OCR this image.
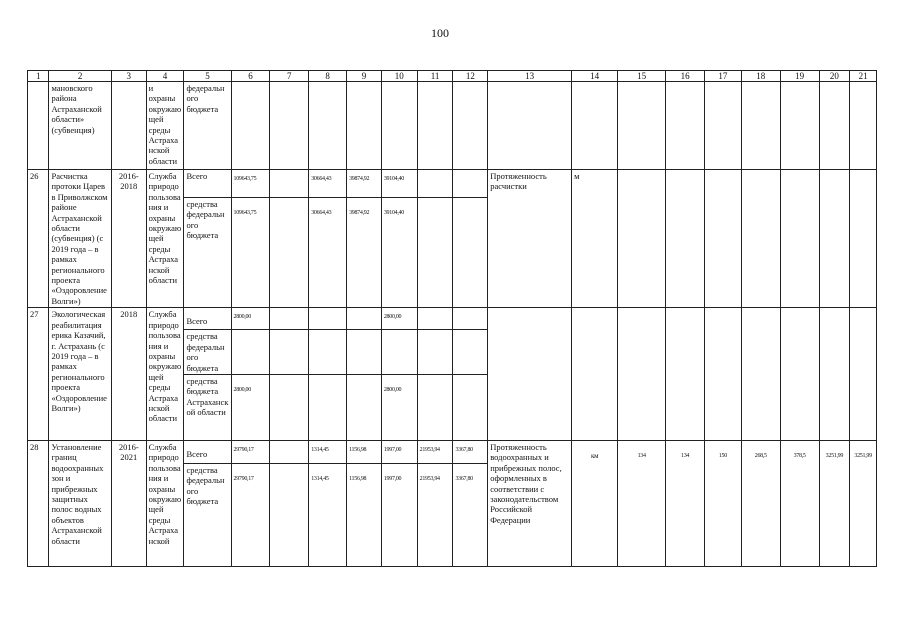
100
1	2	3	4	5	6	7	8	9	10	11	12	13	14	15	16	17	18	19	20	21
	мановского района Астраханской области» (субвенция)		и охраны окружающей среды Астраханской области	федерального бюджета																
26	Расчистка протоки Царев в Приволжском районе Астраханской области (субвенция) (с 2019 года – в рамках регионального проекта «Оздоровление Волги»)	2016-2018	Служба природопользования и охраны окружающей среды Астраханской области	Всего	109643,75		30664,43	39874,92	39104,40			Протяженность расчистки	м							
				средства федерального бюджета	109643,75		30664,43	39874,92	39104,40											
27	Экологическая реабилитация ерика Казачий, г. Астрахань (с 2019 года – в рамках регионального проекта «Оздоровление Волги»)	2018	Служба природопользования и охраны окружающей среды Астраханской области	Всего	2800,00				2800,00											
				средства федерального бюджета																
				средства бюджета Астраханской области	2800,00				2800,00											
28	Установление границ водоохранных зон и прибрежных защитных полос водных объектов Астраханской области	2016-2021	Служба природопользования и охраны окружающей среды Астраханской	Всего	29790,17		1314,45	1156,98	1997,00	21953,94	3367,80	Протяженность водоохранных и прибрежных полос, оформленных в соответствии с законодательством Российской Федерации	км	134	134	150	268,5	378,5	3251,99	3251,99
				средства федерального бюджета	29790,17		1314,45	1156,98	1997,00	21953,94	3367,80									
